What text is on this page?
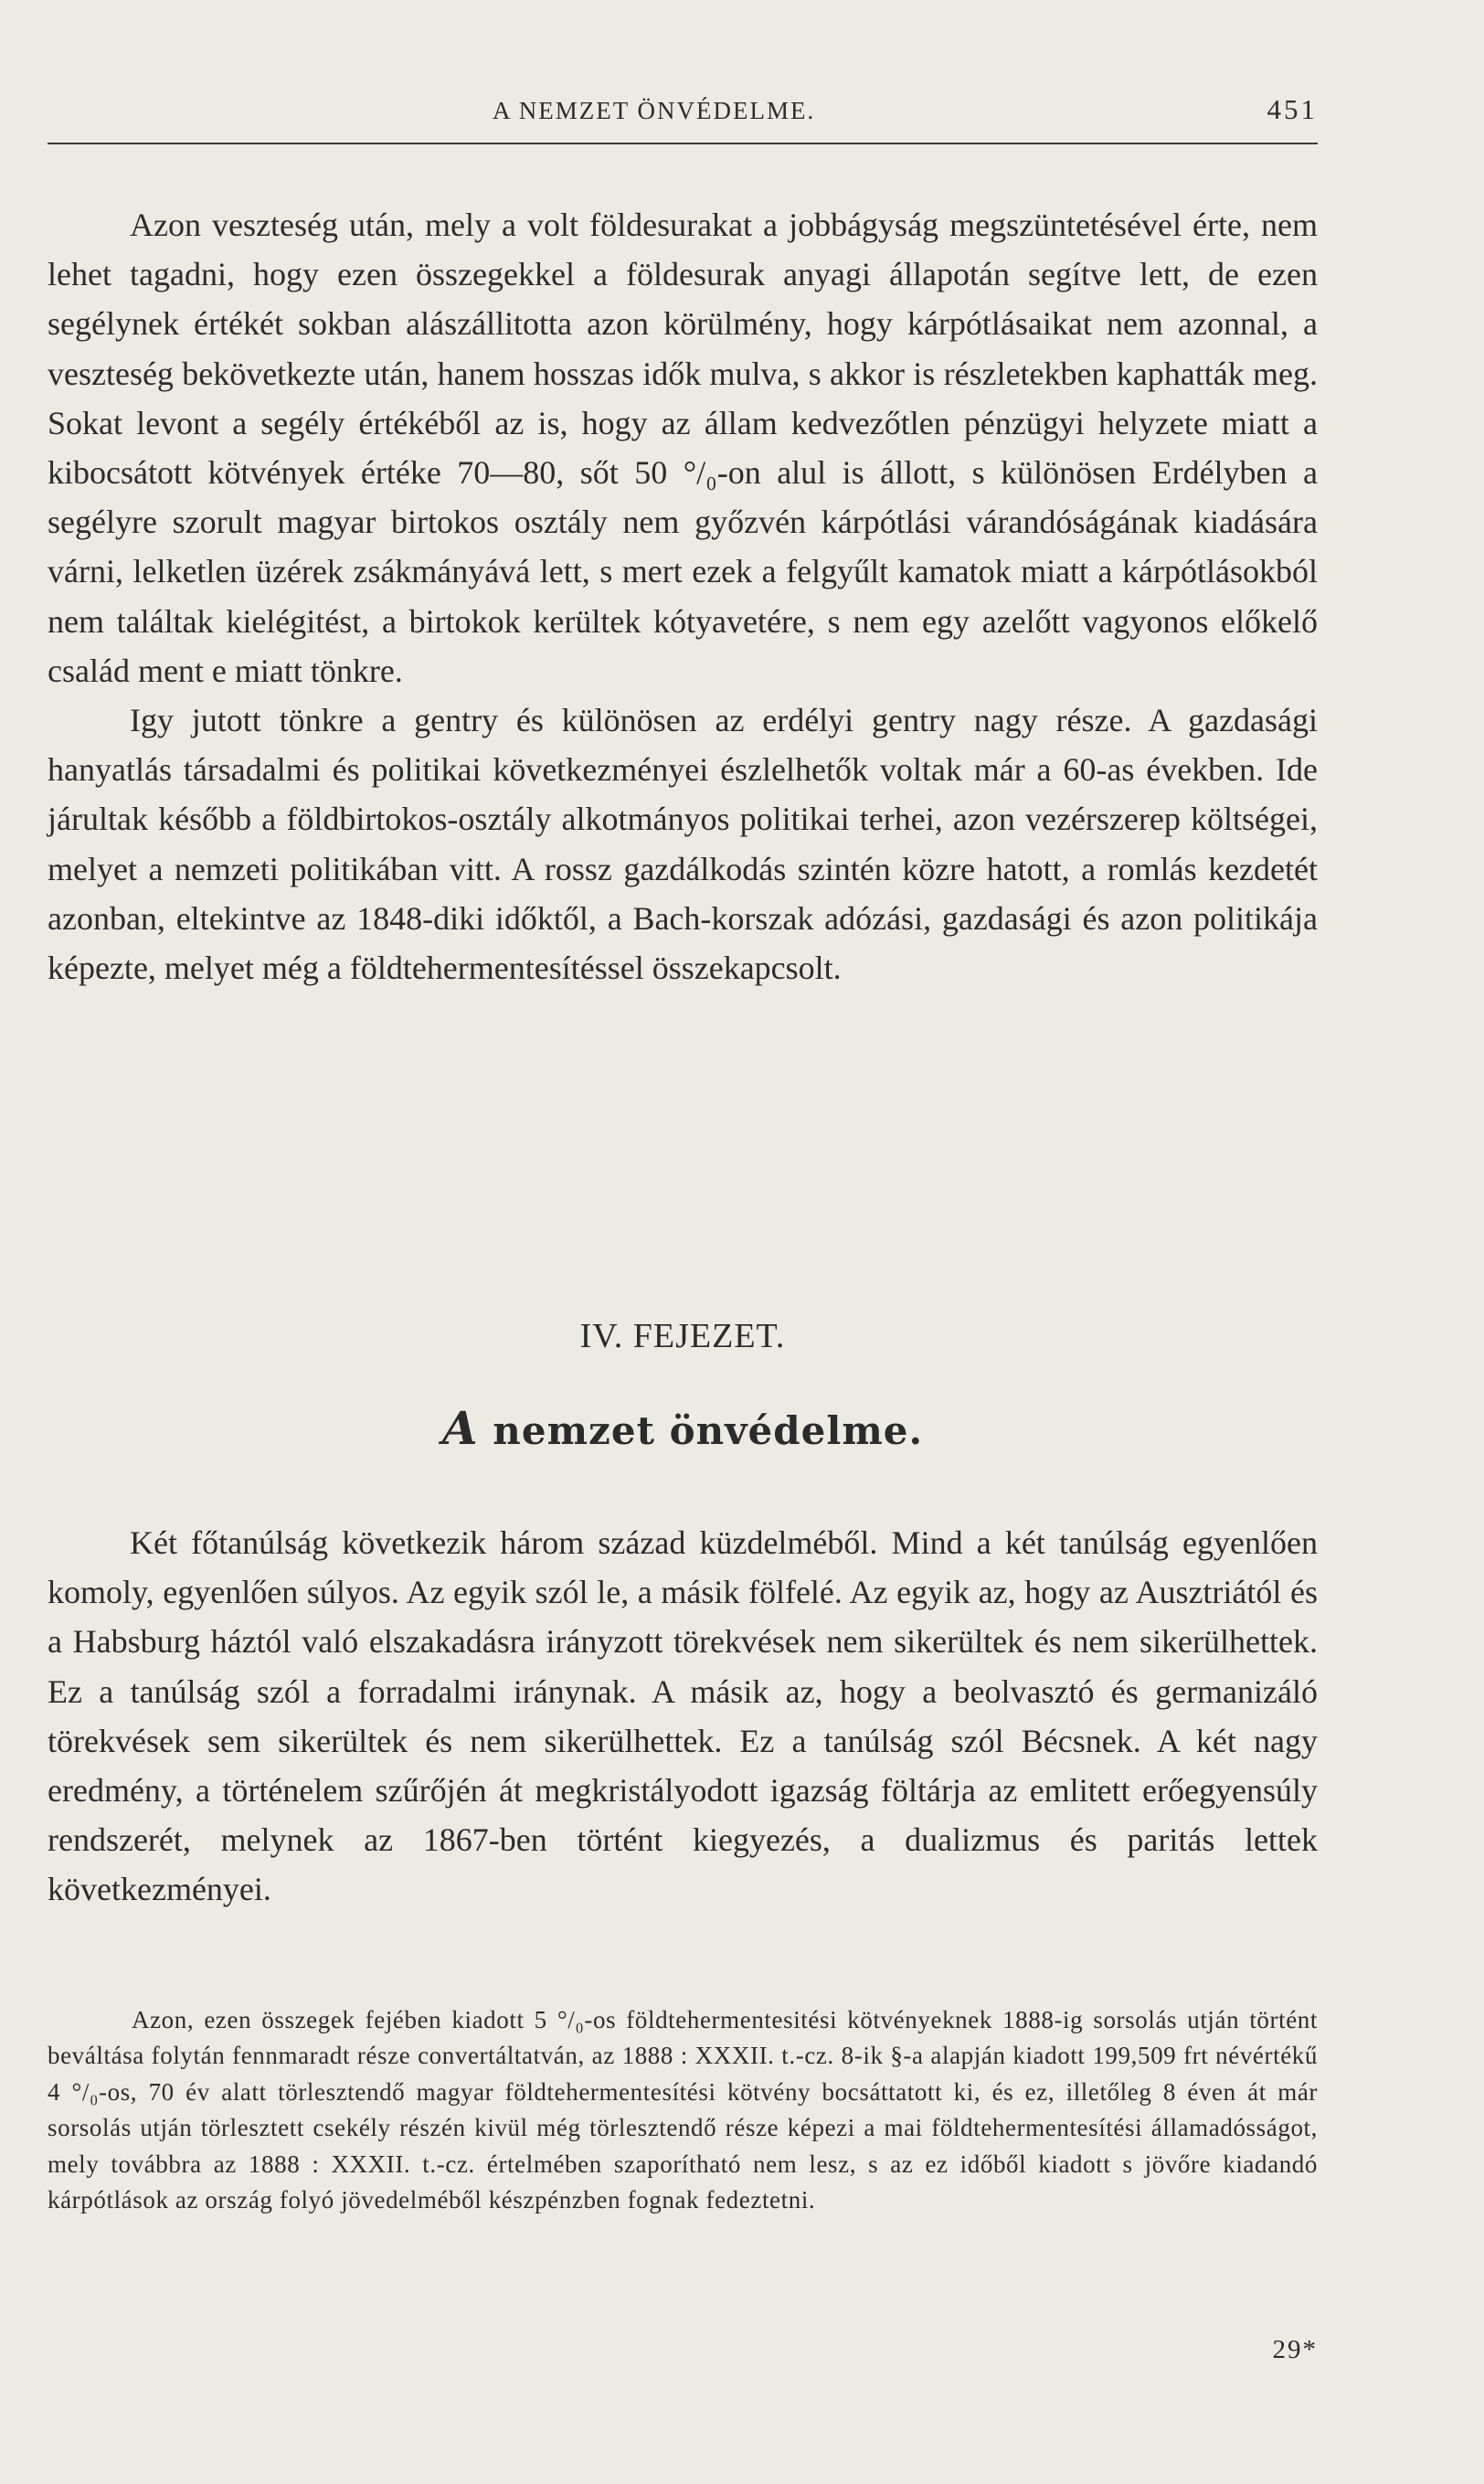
A NEMZET ÖNVÉDELME.	451

Azon veszteség után, mely a volt földesurakat a jobbágyság megszüntetésével érte, nem lehet tagadni, hogy ezen összegekkel a földesurak anyagi állapotán segítve lett, de ezen segélynek értékét sokban alászállitotta azon körülmény, hogy kárpótlásaikat nem azonnal, a veszteség bekövetkezte után, hanem hosszas idők mulva, s akkor is részletekben kaphatták meg. Sokat levont a segély értékéből az is, hogy az állam kedvezőtlen pénzügyi helyzete miatt a kibocsátott kötvények értéke 70—80, sőt 50 °/₀-on alul is állott, s különösen Erdélyben a segélyre szorult magyar birtokos osztály nem győzvén kárpótlási várandóságának kiadására várni, lelketlen üzérek zsákmányává lett, s mert ezek a felgyűlt kamatok miatt a kárpótlásokból nem találtak kielégitést, a birtokok kerültek kótyavetére, s nem egy azelőtt vagyonos előkelő család ment e miatt tönkre.

Igy jutott tönkre a gentry és különösen az erdélyi gentry nagy része. A gazdasági hanyatlás társadalmi és politikai következményei észlelhetők voltak már a 60-as években. Ide járultak később a földbirtokos-osztály alkotmányos politikai terhei, azon vezérszerep költségei, melyet a nemzeti politikában vitt. A rossz gazdálkodás szintén közre hatott, a romlás kezdetét azonban, eltekintve az 1848-diki időktől, a Bach-korszak adózási, gazdasági és azon politikája képezte, melyet még a földtehermentesítéssel összekapcsolt.

IV. FEJEZET.
A nemzet önvédelme.

Két főtanúlság következik három század küzdelméből. Mind a két tanúlság egyenlően komoly, egyenlően súlyos. Az egyik szól le, a másik fölfelé. Az egyik az, hogy az Ausztriától és a Habsburg háztól való elszakadásra irányzott törekvések nem sikerültek és nem sikerülhettek. Ez a tanúlság szól a forradalmi iránynak. A másik az, hogy a beolvasztó és germanizáló törekvések sem sikerültek és nem sikerülhettek. Ez a tanúlság szól Bécsnek. A két nagy eredmény, a történelem szűrőjén át megkristályodott igazság föltárja az emlitett erőegyensúly rendszerét, melynek az 1867-ben történt kiegyezés, a dualizmus és paritás lettek következményei.

Azon, ezen összegek fejében kiadott 5 °/₀-os földtehermentesitési kötvényeknek 1888-ig sorsolás utján történt beváltása folytán fennmaradt része convertáltatván, az 1888 : XXXII. t.-cz. 8-ik §-a alapján kiadott 199,509 frt névértékű 4 °/₀-os, 70 év alatt törlesztendő magyar földtehermentesítési kötvény bocsáttatott ki, és ez, illetőleg 8 éven át már sorsolás utján törlesztett csekély részén kivül még törlesztendő része képezi a mai földtehermentesítési államadósságot, mely továbbra az 1888 : XXXII. t.-cz. értelmében szaporítható nem lesz, s az ez időből kiadott s jövőre kiadandó kárpótlások az ország folyó jövedelméből készpénzben fognak fedeztetni.

29*
